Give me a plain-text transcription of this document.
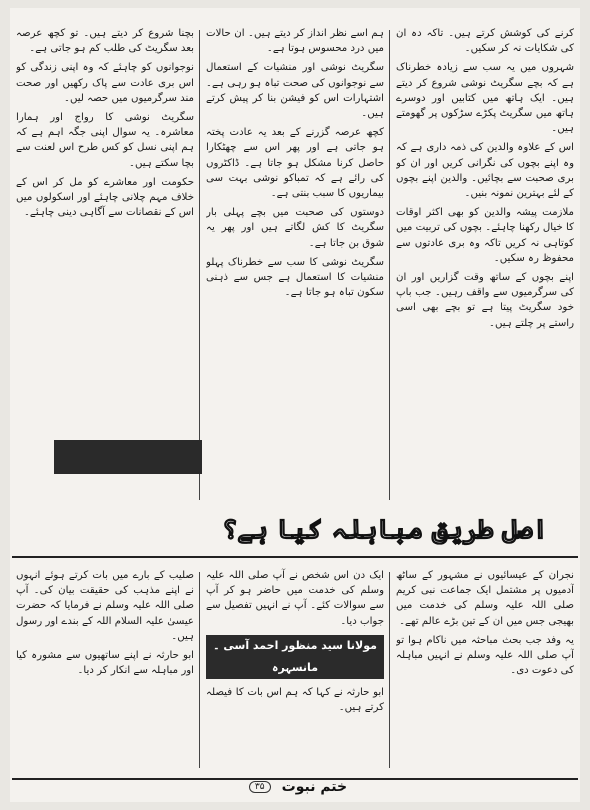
کرنے کی کوشش کرتے ہیں۔ تاکہ دہ ان کی شکایات نہ کر سکیں۔

شہروں میں یہ سب سے زیادہ خطرناک ہے کہ بچے سگریٹ نوشی شروع کر دیتے ہیں۔ ایک ہاتھ میں کتابیں اور دوسرے ہاتھ میں سگریٹ پکڑے سڑکوں پر گھومتے ہیں۔

اس کے علاوہ والدین کی ذمہ داری ہے کہ وہ اپنے بچوں کی نگرانی کریں اور ان کو بری صحبت سے بچائیں۔ والدین اپنے بچوں کے لئے بہترین نمونہ بنیں۔

ملازمت پیشہ والدین کو بھی اکثر اوقات کا خیال رکھنا چاہئے۔ بچوں کی تربیت میں کوتاہی نہ کریں تاکہ وہ بری عادتوں سے محفوظ رہ سکیں۔

اپنے بچوں کے ساتھ وقت گزاریں اور ان کی سرگرمیوں سے واقف رہیں۔ جب باپ خود سگریٹ پیتا ہے تو بچے بھی اسی راستے پر چلتے ہیں۔

ہم اسے نظر انداز کر دیتے ہیں۔ ان حالات میں درد محسوس ہوتا ہے۔

سگریٹ نوشی اور منشیات کے استعمال سے نوجوانوں کی صحت تباہ ہو رہی ہے۔ اشتہارات اس کو فیشن بنا کر پیش کرتے ہیں۔

کچھ عرصہ گزرنے کے بعد یہ عادت پختہ ہو جاتی ہے اور پھر اس سے چھٹکارا حاصل کرنا مشکل ہو جاتا ہے۔ ڈاکٹروں کی رائے ہے کہ تمباکو نوشی بہت سی بیماریوں کا سبب بنتی ہے۔

دوستوں کی صحبت میں بچے پہلی بار سگریٹ کا کش لگاتے ہیں اور پھر یہ شوق بن جاتا ہے۔

سگریٹ نوشی کا سب سے خطرناک پہلو منشیات کا استعمال ہے جس سے ذہنی سکون تباہ ہو جاتا ہے۔

بچنا شروع کر دیتے ہیں۔ تو کچھ عرصہ بعد سگریٹ کی طلب کم ہو جاتی ہے۔

نوجوانوں کو چاہئے کہ وہ اپنی زندگی کو اس بری عادت سے پاک رکھیں اور صحت مند سرگرمیوں میں حصہ لیں۔

سگریٹ نوشی کا رواج اور ہمارا معاشرہ۔ یہ سوال اپنی جگہ اہم ہے کہ ہم اپنی نسل کو کس طرح اس لعنت سے بچا سکتے ہیں۔

حکومت اور معاشرے کو مل کر اس کے خلاف مہم چلانی چاہئے اور اسکولوں میں اس کے نقصانات سے آگاہی دینی چاہئے۔

اصل طریق مباہلہ کیا ہے؟

نجران کے عیسائیوں نے مشہور کے ساٹھ آدمیوں پر مشتمل ایک جماعت نبی کریم صلی اللہ علیہ وسلم کی خدمت میں بھیجی جس میں ان کے تین بڑے عالم تھے۔

یہ وفد جب بحث مباحثہ میں ناکام ہوا تو آپ صلی اللہ علیہ وسلم نے انہیں مباہلہ کی دعوت دی۔

ایک دن اس شخص نے آپ صلی اللہ علیہ وسلم کی خدمت میں حاضر ہو کر آپ سے سوالات کئے۔ آپ نے انہیں تفصیل سے جواب دیا۔

مولانا سید منظور احمد آسی ۔ مانسہرہ

ابو حارثہ نے کہا کہ ہم اس بات کا فیصلہ کرتے ہیں۔

صلیب کے بارے میں بات کرتے ہوئے انہوں نے اپنے مذہب کی حقیقت بیان کی۔ آپ صلی اللہ علیہ وسلم نے فرمایا کہ حضرت عیسیٰ علیہ السلام اللہ کے بندے اور رسول ہیں۔

ابو حارثہ نے اپنے ساتھیوں سے مشورہ کیا اور مباہلہ سے انکار کر دیا۔

ختم نبوت ۳۵
